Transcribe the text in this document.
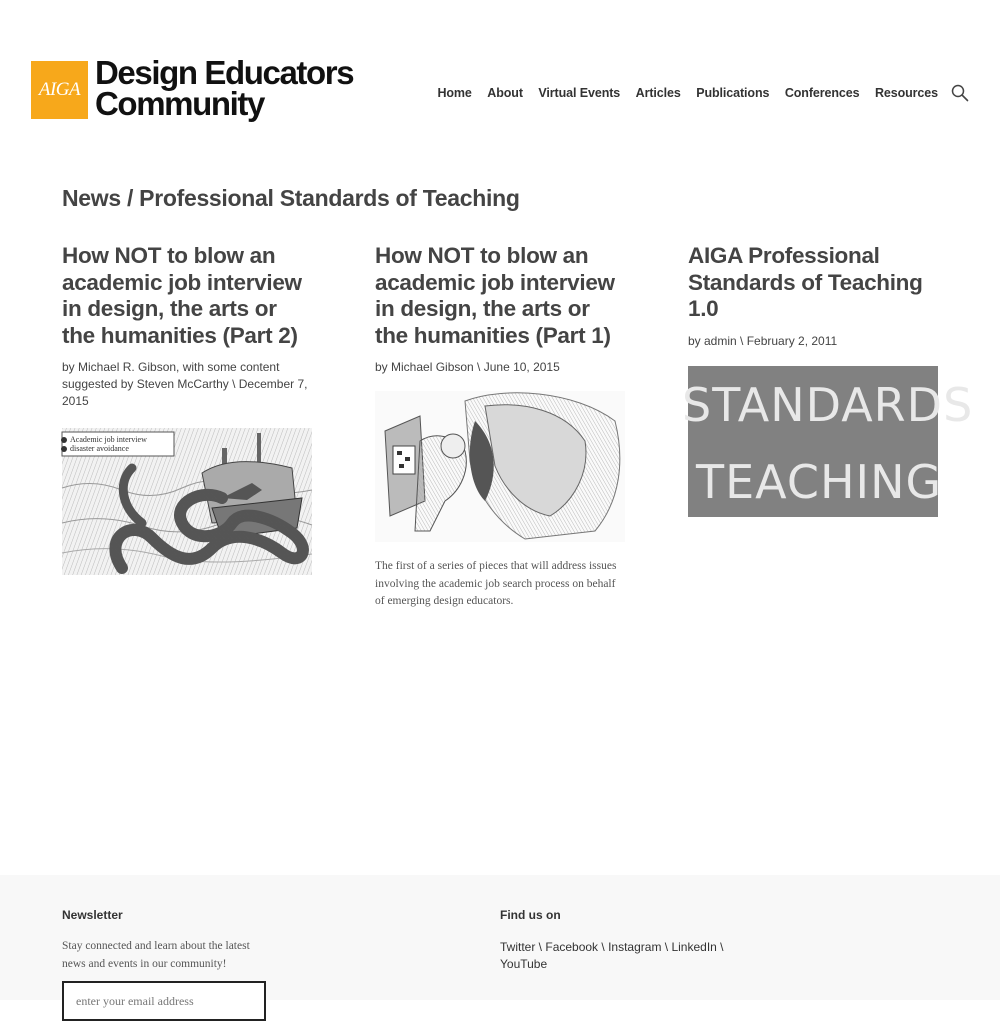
AIGA Design Educators
Community	Home About Virtual Events Articles Publications Conferences Resources
News / Professional Standards of Teaching
How NOT to blow an academic job interview in design, the arts or the humanities (Part 2)

by Michael R. Gibson, with some content suggested by Steven McCarthy \ December 7, 2015

Academic job interview
disaster avoidance
How NOT to blow an academic job interview in design, the arts or the humanities (Part 1)

by Michael Gibson \ June 10, 2015

The first of a series of pieces that will address issues involving the academic job search process on behalf of emerging design educators.

AIGA Professional Standards of Teaching 1.0

by admin \ February 2, 2011

STANDARDS
TEACHING
Newsletter

Stay connected and learn about the latest news and events in our community!

enter your email address
Find us on
Twitter \ Facebook \ Instagram \ LinkedIn \
YouTube
